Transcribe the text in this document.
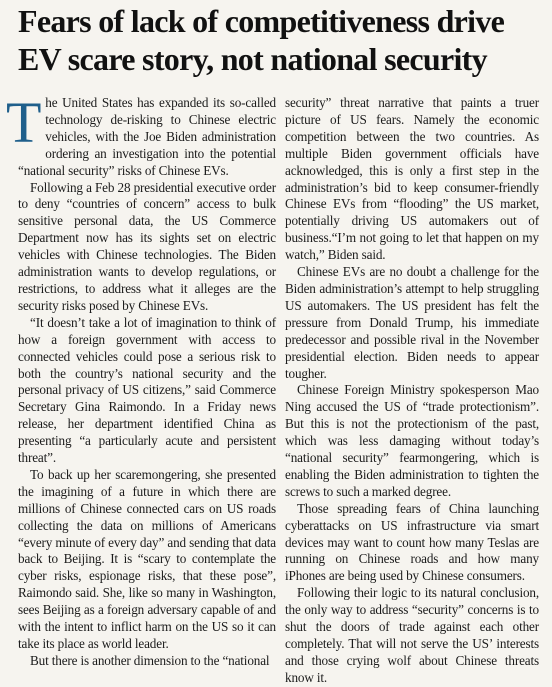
Fears of lack of competitiveness drive
EV scare story, not national security

The United States has expanded its so-called technology de-risking to Chinese electric vehicles, with the Joe Biden administration ordering an investigation into the potential “national security” risks of Chinese EVs.

Following a Feb 28 presidential executive order to deny “countries of concern” access to bulk sensitive personal data, the US Commerce Department now has its sights set on electric vehicles with Chinese technologies. The Biden administration wants to develop regulations, or restrictions, to address what it alleges are the security risks posed by Chinese EVs.

“It doesn’t take a lot of imagination to think of how a foreign government with access to connected vehicles could pose a serious risk to both the country’s national security and the personal privacy of US citizens,” said Commerce Secretary Gina Raimondo. In a Friday news release, her department identified China as presenting “a particularly acute and persistent threat”.

To back up her scaremongering, she presented the imagining of a future in which there are millions of Chinese connected cars on US roads collecting the data on millions of Americans “every minute of every day” and sending that data back to Beijing. It is “scary to contemplate the cyber risks, espionage risks, that these pose”, Raimondo said. She, like so many in Washington, sees Beijing as a foreign adversary capable of and with the intent to inflict harm on the US so it can take its place as world leader.

But there is another dimension to the “national

security” threat narrative that paints a truer picture of US fears. Namely the economic competition between the two countries. As multiple Biden government officials have acknowledged, this is only a first step in the administration’s bid to keep consumer-friendly Chinese EVs from “flooding” the US market, potentially driving US automakers out of business.“I’m not going to let that happen on my watch,” Biden said.

Chinese EVs are no doubt a challenge for the Biden administration’s attempt to help struggling US automakers. The US president has felt the pressure from Donald Trump, his immediate predecessor and possible rival in the November presidential election. Biden needs to appear tougher.

Chinese Foreign Ministry spokesperson Mao Ning accused the US of “trade protectionism”. But this is not the protectionism of the past, which was less damaging without today’s “national security” fearmongering, which is enabling the Biden administration to tighten the screws to such a marked degree.

Those spreading fears of China launching cyberattacks on US infrastructure via smart devices may want to count how many Teslas are running on Chinese roads and how many iPhones are being used by Chinese consumers.

Following their logic to its natural conclusion, the only way to address “security” concerns is to shut the doors of trade against each other completely. That will not serve the US’ interests and those crying wolf about Chinese threats know it.
